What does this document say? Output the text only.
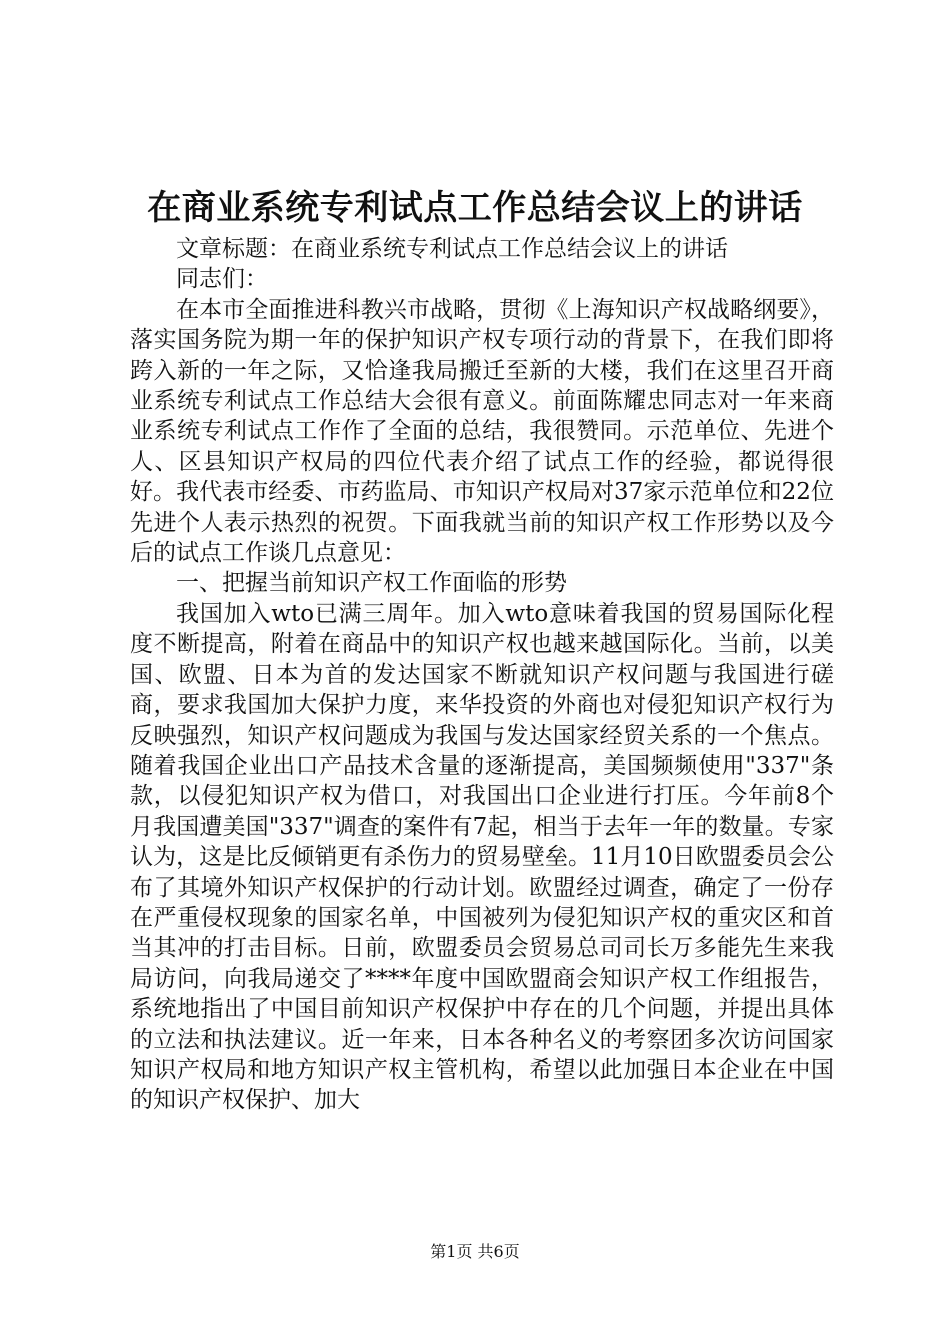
在商业系统专利试点工作总结会议上的讲话

文章标题：在商业系统专利试点工作总结会议上的讲话

同志们：

在本市全面推进科教兴市战略，贯彻《上海知识产权战略纲要》，落实国务院为期一年的保护知识产权专项行动的背景下，在我们即将跨入新的一年之际，又恰逢我局搬迁至新的大楼，我们在这里召开商业系统专利试点工作总结大会很有意义。前面陈耀忠同志对一年来商业系统专利试点工作作了全面的总结，我很赞同。示范单位、先进个人、区县知识产权局的四位代表介绍了试点工作的经验，都说得很好。我代表市经委、市药监局、市知识产权局对37家示范单位和22位先进个人表示热烈的祝贺。下面我就当前的知识产权工作形势以及今后的试点工作谈几点意见：

一、把握当前知识产权工作面临的形势

我国加入wto已满三周年。加入wto意味着我国的贸易国际化程度不断提高，附着在商品中的知识产权也越来越国际化。当前，以美国、欧盟、日本为首的发达国家不断就知识产权问题与我国进行磋商，要求我国加大保护力度，来华投资的外商也对侵犯知识产权行为反映强烈，知识产权问题成为我国与发达国家经贸关系的一个焦点。随着我国企业出口产品技术含量的逐渐提高，美国频频使用"337"条款，以侵犯知识产权为借口，对我国出口企业进行打压。今年前8个月我国遭美国"337"调查的案件有7起，相当于去年一年的数量。专家认为，这是比反倾销更有杀伤力的贸易壁垒。11月10日欧盟委员会公布了其境外知识产权保护的行动计划。欧盟经过调查，确定了一份存在严重侵权现象的国家名单，中国被列为侵犯知识产权的重灾区和首当其冲的打击目标。日前，欧盟委员会贸易总司司长万多能先生来我局访问，向我局递交了****年度中国欧盟商会知识产权工作组报告，系统地指出了中国目前知识产权保护中存在的几个问题，并提出具体的立法和执法建议。近一年来，日本各种名义的考察团多次访问国家知识产权局和地方知识产权主管机构，希望以此加强日本企业在中国的知识产权保护、加大

第1页 共6页
